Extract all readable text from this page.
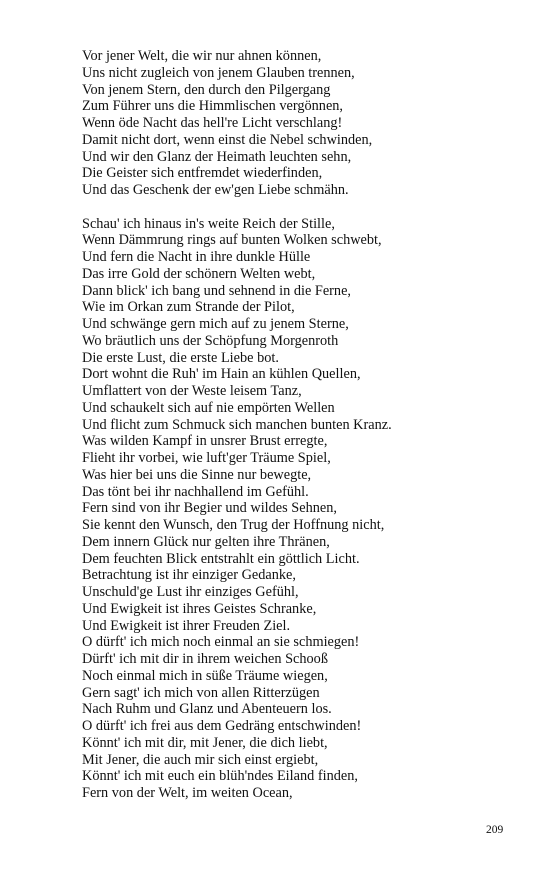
Vor jener Welt, die wir nur ahnen können,
Uns nicht zugleich von jenem Glauben trennen,
Von jenem Stern, den durch den Pilgergang
Zum Führer uns die Himmlischen vergönnen,
Wenn öde Nacht das hell're Licht verschlang!
Damit nicht dort, wenn einst die Nebel schwinden,
Und wir den Glanz der Heimath leuchten sehn,
Die Geister sich entfremdet wiederfinden,
Und das Geschenk der ew'gen Liebe schmähn.
Schau' ich hinaus in's weite Reich der Stille,
Wenn Dämmrung rings auf bunten Wolken schwebt,
Und fern die Nacht in ihre dunkle Hülle
Das irre Gold der schönern Welten webt,
Dann blick' ich bang und sehnend in die Ferne,
Wie im Orkan zum Strande der Pilot,
Und schwänge gern mich auf zu jenem Sterne,
Wo bräutlich uns der Schöpfung Morgenroth
Die erste Lust, die erste Liebe bot.
Dort wohnt die Ruh' im Hain an kühlen Quellen,
Umflattert von der Weste leisem Tanz,
Und schaukelt sich auf nie empörten Wellen
Und flicht zum Schmuck sich manchen bunten Kranz.
Was wilden Kampf in unsrer Brust erregte,
Flieht ihr vorbei, wie luft'ger Träume Spiel,
Was hier bei uns die Sinne nur bewegte,
Das tönt bei ihr nachhallend im Gefühl.
Fern sind von ihr Begier und wildes Sehnen,
Sie kennt den Wunsch, den Trug der Hoffnung nicht,
Dem innern Glück nur gelten ihre Thränen,
Dem feuchten Blick entstrahlt ein göttlich Licht.
Betrachtung ist ihr einziger Gedanke,
Unschuld'ge Lust ihr einziges Gefühl,
Und Ewigkeit ist ihres Geistes Schranke,
Und Ewigkeit ist ihrer Freuden Ziel.
O dürft' ich mich noch einmal an sie schmiegen!
Dürft' ich mit dir in ihrem weichen Schooß
Noch einmal mich in süße Träume wiegen,
Gern sagt' ich mich von allen Ritterzügen
Nach Ruhm und Glanz und Abenteuern los.
O dürft' ich frei aus dem Gedräng entschwinden!
Könnt' ich mit dir, mit Jener, die dich liebt,
Mit Jener, die auch mir sich einst ergiebt,
Könnt' ich mit euch ein blüh'ndes Eiland finden,
Fern von der Welt, im weiten Ocean,
209
